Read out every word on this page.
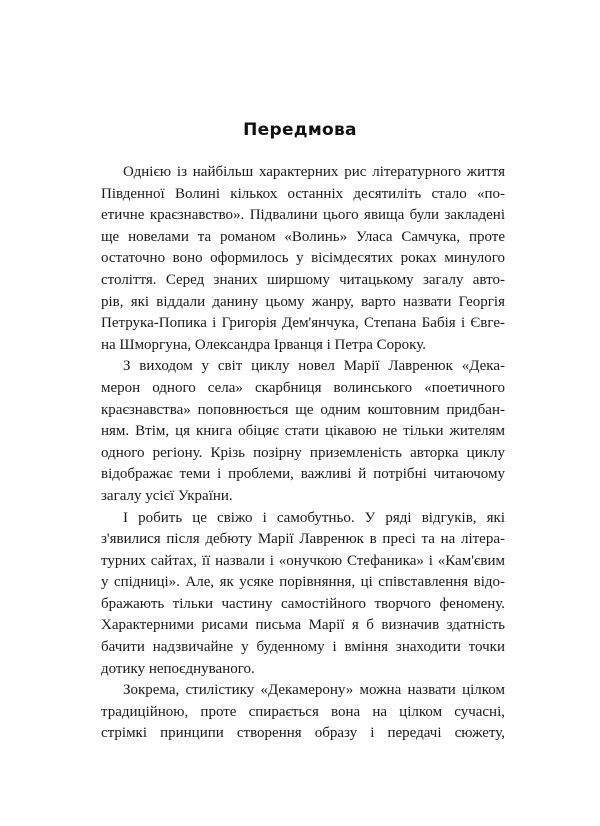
Передмова
Однією із найбільш характерних рис літературного життя
Південної Волині кількох останніх десятиліть стало «по-
етичне краєзнавство». Підвалини цього явища були закладені
ще новелами та романом «Волинь» Уласа Самчука, проте
остаточно воно оформилось у вісімдесятих роках минулого
століття. Серед знаних ширшому читацькому загалу авто-
рів, які віддали данину цьому жанру, варто назвати Георгія
Петрука-Попика і Григорія Дем'янчука, Степана Бабія і Євге-
на Шморгуна, Олександра Ірванця і Петра Сороку.
З виходом у світ циклу новел Марії Лавренюк «Дека-
мерон одного села» скарбниця волинського «поетичного
краєзнавства» поповнюється ще одним коштовним придбан-
ням. Втім, ця книга обіцяє стати цікавою не тільки жителям
одного регіону. Крізь позірну приземленість авторка циклу
відображає теми і проблеми, важливі й потрібні читаючому
загалу усієї України.
І робить це свіжо і самобутньо. У ряді відгуків, які
з'явилися після дебюту Марії Лавренюк в пресі та на літера-
турних сайтах, її назвали і «онучкою Стефаника» і «Кам'євим
у спідниці». Але, як усяке порівняння, ці співставлення відо-
бражають тільки частину самостійного творчого феномену.
Характерними рисами письма Марії я б визначив здатність
бачити надзвичайне у буденному і вміння знаходити точки
дотику непоєднуваного.
Зокрема, стилістику «Декамерону» можна назвати цілком
традиційною, проте спирається вона на цілком сучасні,
стрімкі принципи створення образу і передачі сюжету,
